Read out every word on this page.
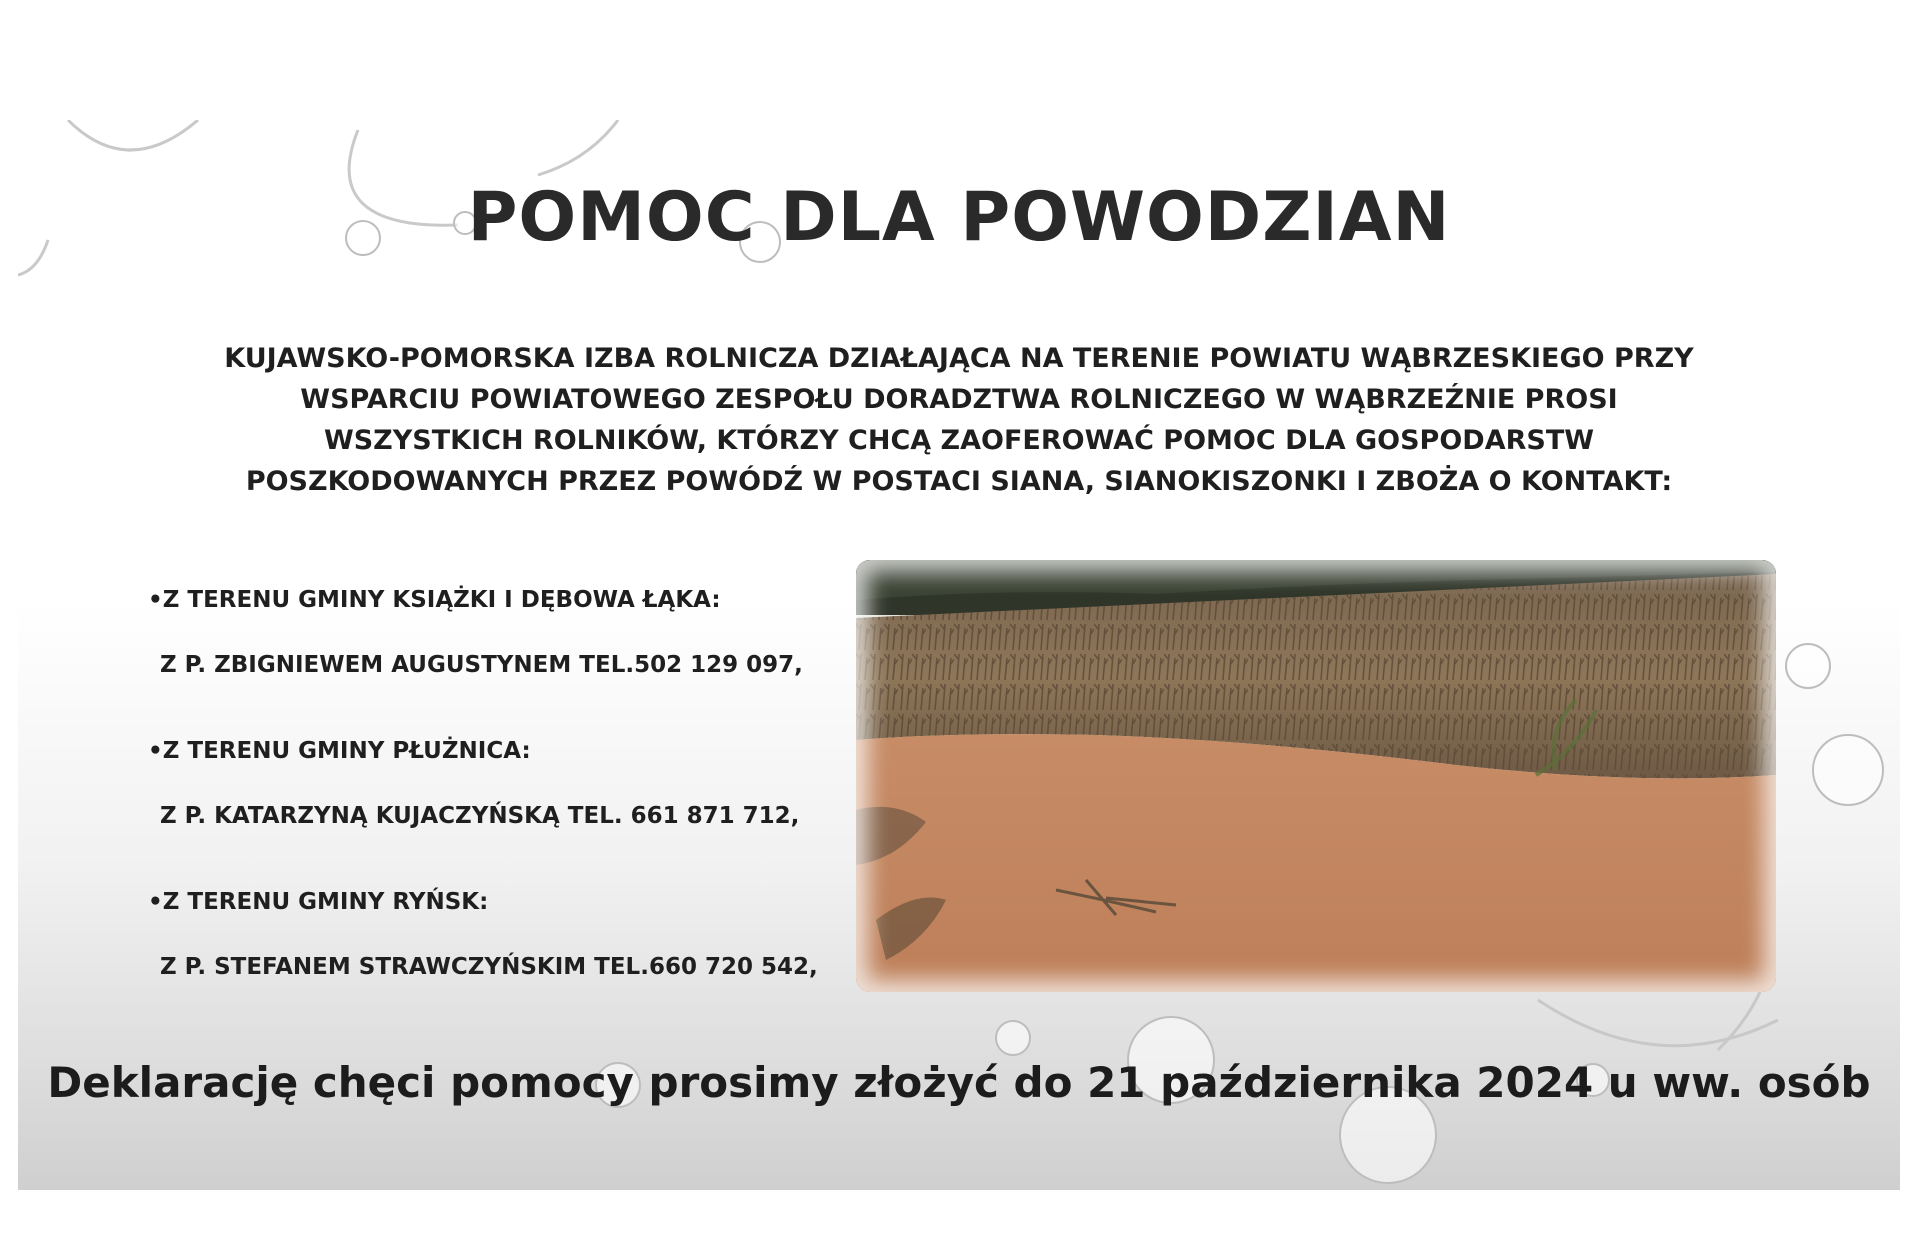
POMOC DLA POWODZIAN

KUJAWSKO-POMORSKA IZBA ROLNICZA DZIAŁAJĄCA NA TERENIE POWIATU WĄBRZESKIEGO PRZY
WSPARCIU POWIATOWEGO ZESPOŁU DORADZTWA ROLNICZEGO W WĄBRZEŹNIE PROSI
WSZYSTKICH ROLNIKÓW, KTÓRZY CHCĄ ZAOFEROWAĆ POMOC DLA GOSPODARSTW
POSZKODOWANYCH PRZEZ POWÓDŹ W POSTACI SIANA, SIANOKISZONKI I ZBOŻA O KONTAKT:

•Z TERENU GMINY KSIĄŻKI I DĘBOWA ŁĄKA:
Z P. ZBIGNIEWEM AUGUSTYNEM TEL.502 129 097,
•Z TERENU GMINY PŁUŻNICA:
Z P. KATARZYNĄ KUJACZYŃSKĄ TEL. 661 871 712,
•Z TERENU GMINY RYŃSK:
Z P. STEFANEM STRAWCZYŃSKIM TEL.660 720 542,

Deklarację chęci pomocy prosimy złożyć do 21 października 2024 u ww. osób
